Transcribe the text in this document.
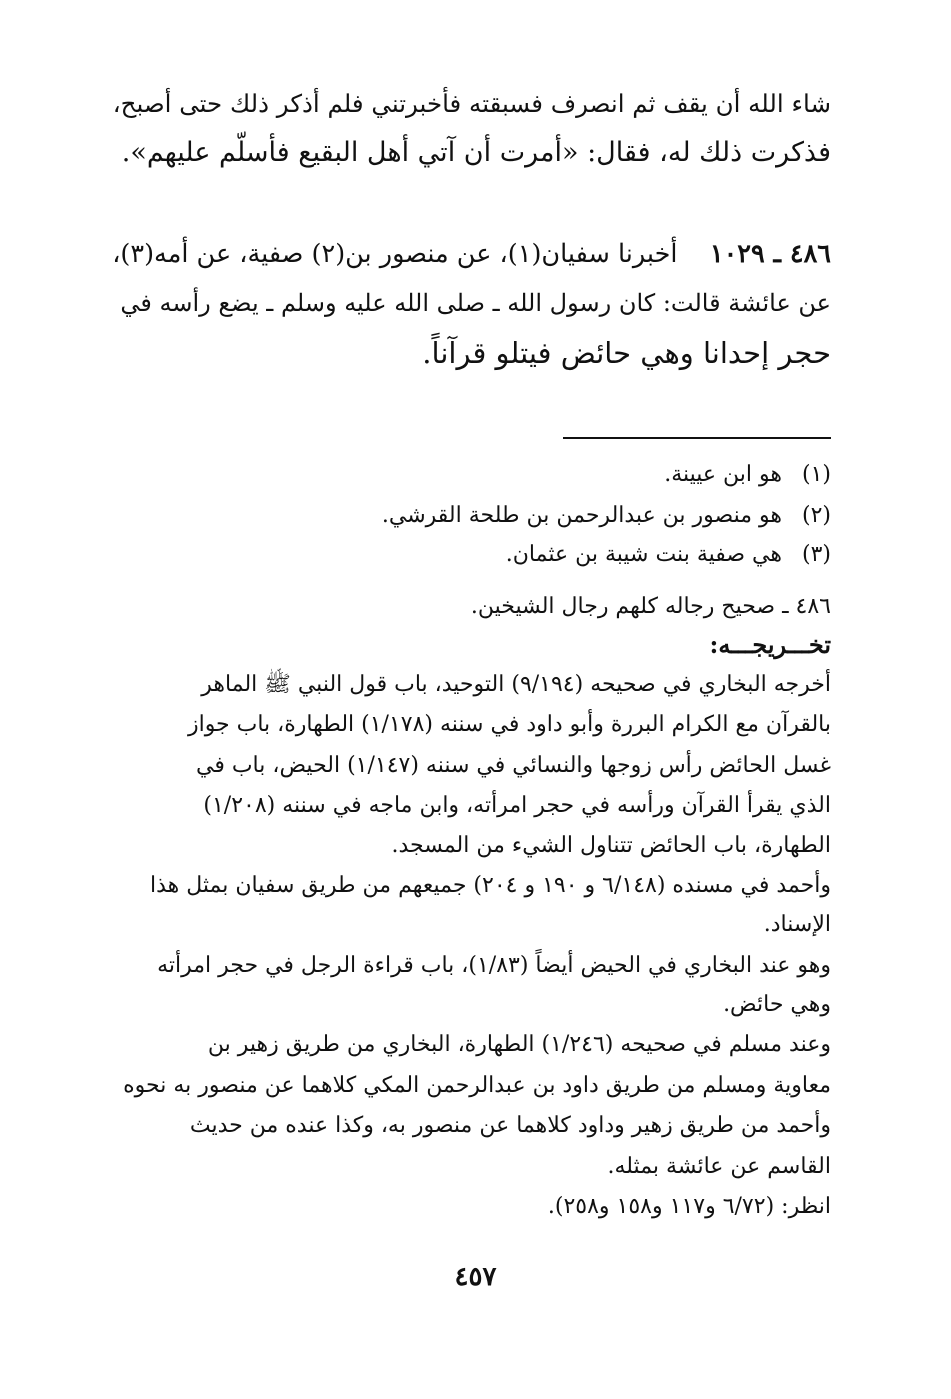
شاء الله أن يقف ثم انصرف فسبقته فأخبرتني فلم أذكر ذلك حتى أصبح،
فذكرت ذلك له، فقال: «أمرت أن آتي أهل البقيع فأسلّم عليهم».
٤٨٦ ـ ١٠٢٩    أخبرنا سفيان(١)، عن منصور بن(٢) صفية، عن أمه(٣)،
عن عائشة قالت: كان رسول الله ـ صلى الله عليه وسلم ـ يضع رأسه في
حجر إحدانا وهي حائض فيتلو قرآناً.
(١) هو ابن عيينة.
(٢) هو منصور بن عبدالرحمن بن طلحة القرشي.
(٣) هي صفية بنت شيبة بن عثمان.
٤٨٦ ـ صحيح رجاله كلهم رجال الشيخين.
تخـــريجـــه:
أخرجه البخاري في صحيحه (٩/١٩٤) التوحيد، باب قول النبي ﷺ الماهر
بالقرآن مع الكرام البررة وأبو داود في سننه (١/١٧٨) الطهارة، باب جواز
غسل الحائض رأس زوجها والنسائي في سننه (١/١٤٧) الحيض، باب في
الذي يقرأ القرآن ورأسه في حجر امرأته، وابن ماجه في سننه (١/٢٠٨)
الطهارة، باب الحائض تتناول الشيء من المسجد.
وأحمد في مسنده (٦/١٤٨ و ١٩٠ و ٢٠٤) جميعهم من طريق سفيان بمثل هذا
الإسناد.
وهو عند البخاري في الحيض أيضاً (١/٨٣)، باب قراءة الرجل في حجر امرأته
وهي حائض.
وعند مسلم في صحيحه (١/٢٤٦) الطهارة، البخاري من طريق زهير بن
معاوية ومسلم من طريق داود بن عبدالرحمن المكي كلاهما عن منصور به نحوه
وأحمد من طريق زهير وداود كلاهما عن منصور به، وكذا عنده من حديث
القاسم عن عائشة بمثله.
انظر: (٦/٧٢ و١١٧ و١٥٨ و٢٥٨).
٤٥٧
